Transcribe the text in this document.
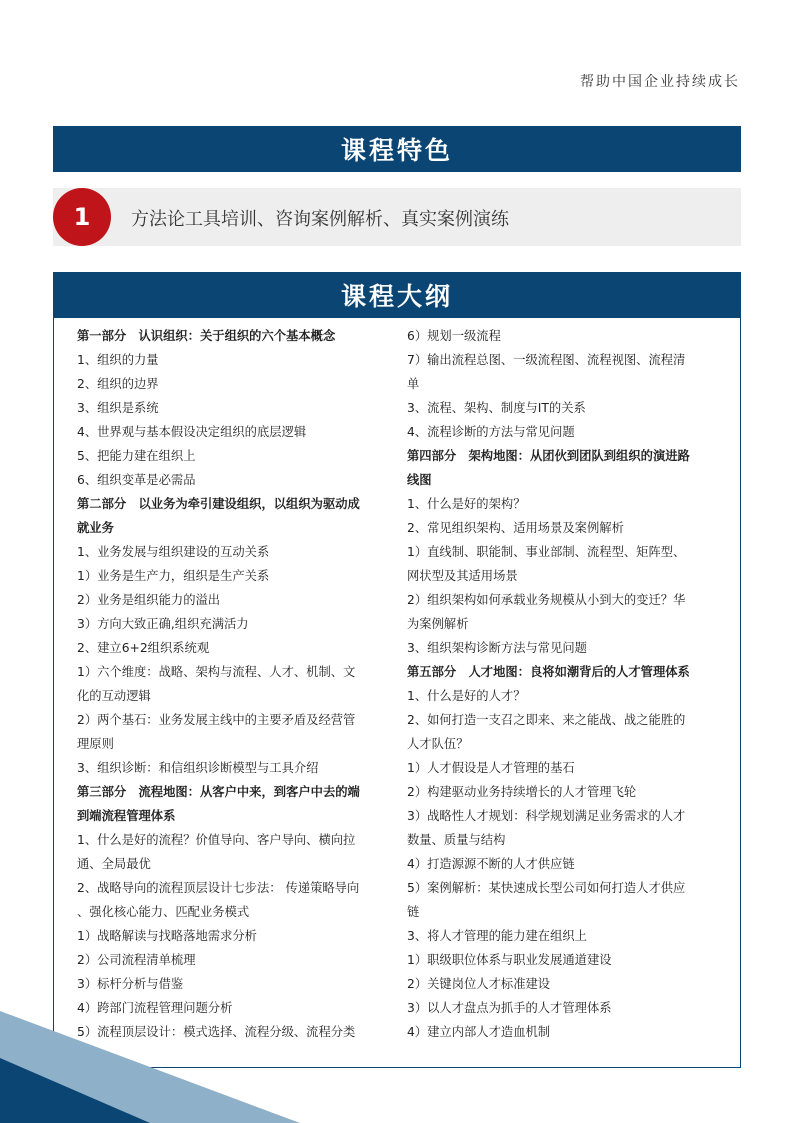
帮助中国企业持续成长
课程特色
1	方法论工具培训、咨询案例解析、真实案例演练
课程大纲
第一部分　认识组织：关于组织的六个基本概念
1、组织的力量
2、组织的边界
3、组织是系统
4、世界观与基本假设决定组织的底层逻辑
5、把能力建在组织上
6、组织变革是必需品
第二部分　以业务为牵引建设组织，以组织为驱动成
就业务
1、业务发展与组织建设的互动关系
1）业务是生产力，组织是生产关系
2）业务是组织能力的溢出
3）方向大致正确,组织充满活力
2、建立6+2组织系统观
1）六个维度：战略、架构与流程、人才、机制、文
化的互动逻辑
2）两个基石：业务发展主线中的主要矛盾及经营管
理原则
3、组织诊断：和信组织诊断模型与工具介绍
第三部分　流程地图：从客户中来，到客户中去的端
到端流程管理体系
1、什么是好的流程？价值导向、客户导向、横向拉
通、全局最优
2、战略导向的流程顶层设计七步法： 传递策略导向
、强化核心能力、匹配业务模式
1）战略解读与找略落地需求分析
2）公司流程清单梳理
3）标杆分析与借鉴
4）跨部门流程管理问题分析
5）流程顶层设计：模式选择、流程分级、流程分类
6）规划一级流程
7）输出流程总图、一级流程图、流程视图、流程清
单
3、流程、架构、制度与IT的关系
4、流程诊断的方法与常见问题
第四部分　架构地图：从团伙到团队到组织的演进路
线图
1、什么是好的架构？
2、常见组织架构、适用场景及案例解析
1）直线制、职能制、事业部制、流程型、矩阵型、
网状型及其适用场景
2）组织架构如何承载业务规模从小到大的变迁？华
为案例解析
3、组织架构诊断方法与常见问题
第五部分　人才地图：良将如潮背后的人才管理体系
1、什么是好的人才？
2、如何打造一支召之即来、来之能战、战之能胜的
人才队伍？
1）人才假设是人才管理的基石
2）构建驱动业务持续增长的人才管理飞轮
3）战略性人才规划：科学规划满足业务需求的人才
数量、质量与结构
4）打造源源不断的人才供应链
5）案例解析：某快速成长型公司如何打造人才供应
链
3、将人才管理的能力建在组织上
1）职级职位体系与职业发展通道建设
2）关键岗位人才标准建设
3）以人才盘点为抓手的人才管理体系
4）建立内部人才造血机制
